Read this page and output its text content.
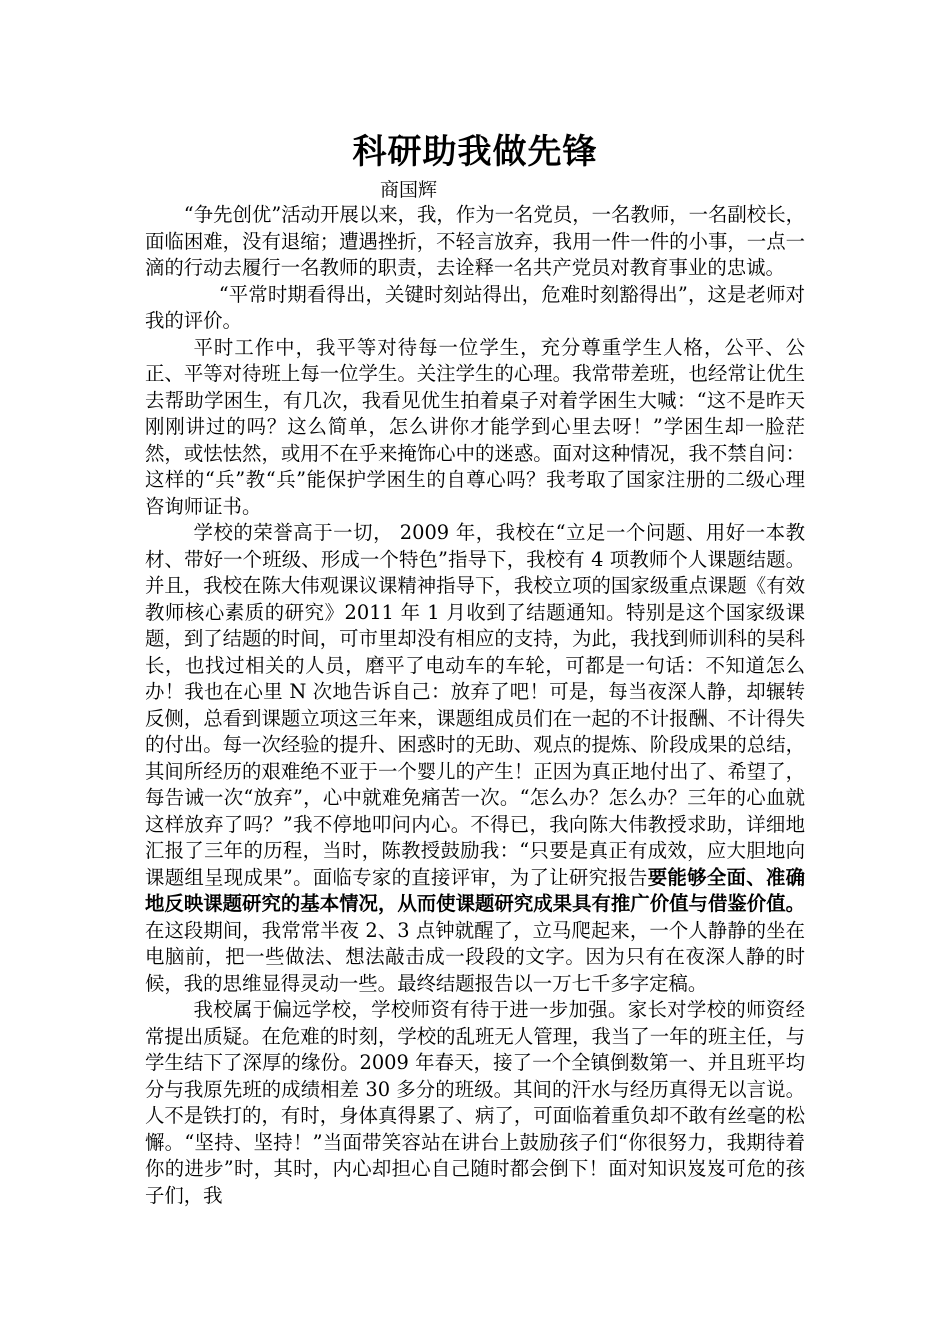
科研助我做先锋

商国辉

“争先创优”活动开展以来，我，作为一名党员，一名教师，一名副校长，面临困难，没有退缩；遭遇挫折，不轻言放弃，我用一件一件的小事，一点一滴的行动去履行一名教师的职责，去诠释一名共产党员对教育事业的忠诚。

“平常时期看得出，关键时刻站得出，危难时刻豁得出”，这是老师对我的评价。

平时工作中，我平等对待每一位学生，充分尊重学生人格，公平、公正、平等对待班上每一位学生。关注学生的心理。我常带差班，也经常让优生去帮助学困生，有几次，我看见优生拍着桌子对着学困生大喊：“这不是昨天刚刚讲过的吗？这么简单，怎么讲你才能学到心里去呀！”学困生却一脸茫然，或怯怯然，或用不在乎来掩饰心中的迷惑。面对这种情况，我不禁自问：这样的“兵”教“兵”能保护学困生的自尊心吗？我考取了国家注册的二级心理咨询师证书。

学校的荣誉高于一切， 2009 年，我校在“立足一个问题、用好一本教材、带好一个班级、形成一个特色”指导下，我校有 4 项教师个人课题结题。并且，我校在陈大伟观课议课精神指导下，我校立项的国家级重点课题《有效教师核心素质的研究》2011 年 1 月收到了结题通知。特别是这个国家级课题，到了结题的时间，可市里却没有相应的支持，为此，我找到师训科的吴科长，也找过相关的人员，磨平了电动车的车轮，可都是一句话：不知道怎么办！我也在心里 N 次地告诉自己：放弃了吧！可是，每当夜深人静，却辗转反侧，总看到课题立项这三年来，课题组成员们在一起的不计报酬、不计得失的付出。每一次经验的提升、困惑时的无助、观点的提炼、阶段成果的总结，其间所经历的艰难绝不亚于一个婴儿的产生！正因为真正地付出了、希望了，每告诫一次“放弃”，心中就难免痛苦一次。“怎么办？怎么办？三年的心血就这样放弃了吗？”我不停地叩问内心。不得已，我向陈大伟教授求助，详细地汇报了三年的历程，当时，陈教授鼓励我：“只要是真正有成效，应大胆地向课题组呈现成果”。面临专家的直接评审，为了让研究报告要能够全面、准确地反映课题研究的基本情况，从而使课题研究成果具有推广价值与借鉴价值。在这段期间，我常常半夜 2、3 点钟就醒了，立马爬起来，一个人静静的坐在电脑前，把一些做法、想法敲击成一段段的文字。因为只有在夜深人静的时候，我的思维显得灵动一些。最终结题报告以一万七千多字定稿。

我校属于偏远学校，学校师资有待于进一步加强。家长对学校的师资经常提出质疑。在危难的时刻，学校的乱班无人管理，我当了一年的班主任，与学生结下了深厚的缘份。2009 年春天，接了一个全镇倒数第一、并且班平均分与我原先班的成绩相差 30 多分的班级。其间的汗水与经历真得无以言说。人不是铁打的，有时，身体真得累了、病了，可面临着重负却不敢有丝毫的松懈。“坚持、坚持！”当面带笑容站在讲台上鼓励孩子们“你很努力，我期待着你的进步”时，其时，内心却担心自己随时都会倒下！面对知识岌岌可危的孩子们，我
